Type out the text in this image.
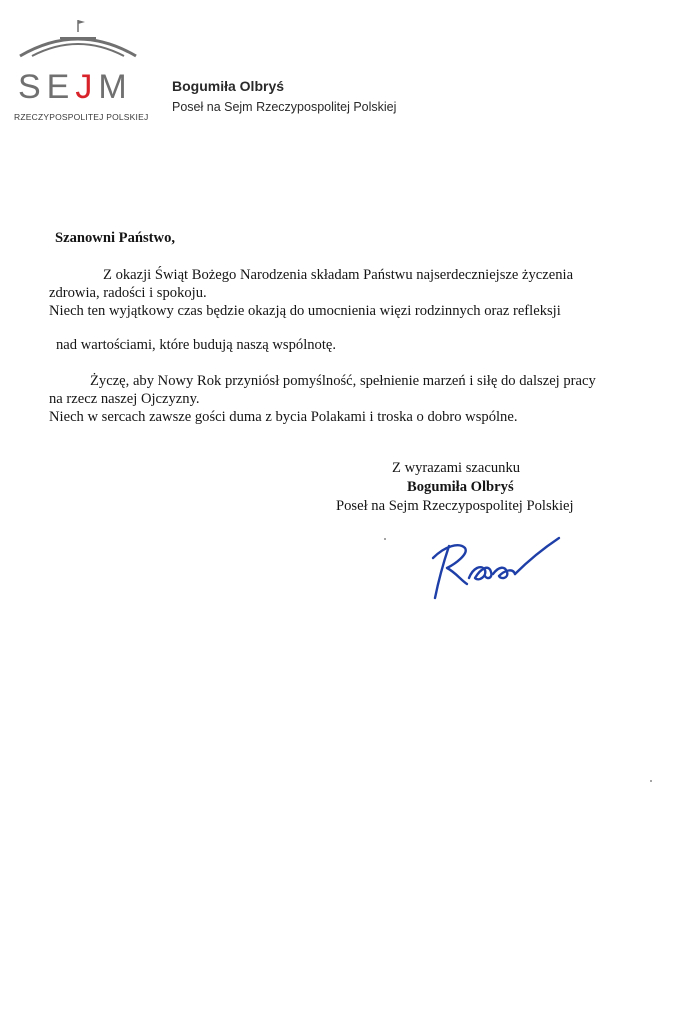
SEJM
RZECZYPOSPOLITEJ POLSKIEJ
Bogumiła Olbryś
Poseł na Sejm Rzeczypospolitej Polskiej
Szanowni Państwo,
Z okazji Świąt Bożego Narodzenia składam Państwu najserdeczniejsze życzenia
zdrowia, radości i spokoju.
Niech ten wyjątkowy czas będzie okazją do umocnienia więzi rodzinnych oraz refleksji
nad wartościami, które budują naszą wspólnotę.
Życzę, aby Nowy Rok przyniósł pomyślność, spełnienie marzeń i siłę do dalszej pracy
na rzecz naszej Ojczyzny.
Niech w sercach zawsze gości duma z bycia Polakami i troska o dobro wspólne.
Z wyrazami szacunku
Bogumiła Olbryś
Poseł na Sejm Rzeczypospolitej Polskiej
